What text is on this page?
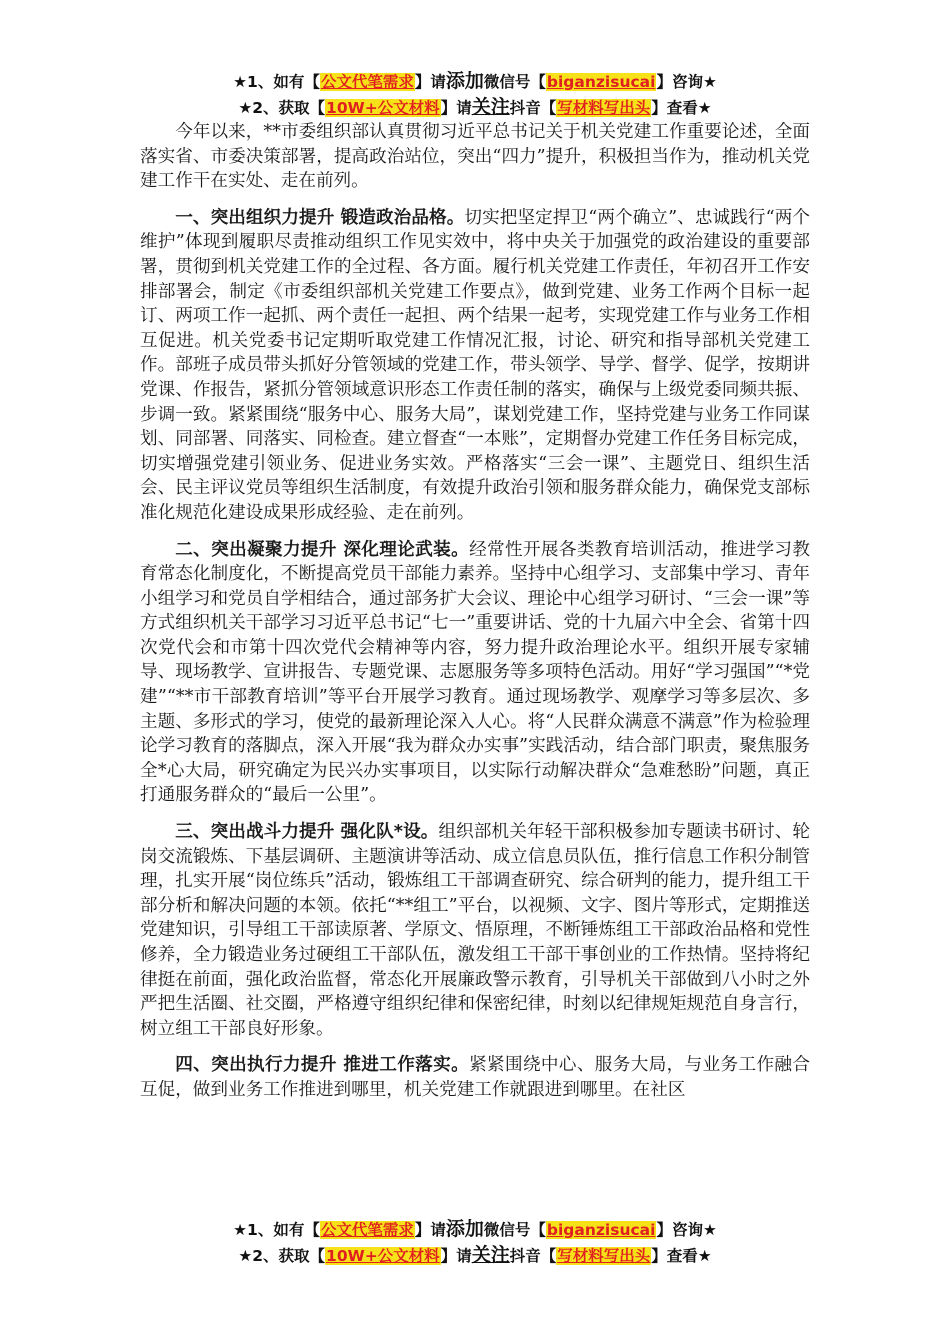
★1、如有【公文代笔需求】请添加微信号【biganzisucai】咨询★
★2、获取【10W+公文材料】请关注抖音【写材料写出头】查看★

今年以来，**市委组织部认真贯彻习近平总书记关于机关党建工作重要论述，全面落实省、市委决策部署，提高政治站位，突出“四力”提升，积极担当作为，推动机关党建工作干在实处、走在前列。

一、突出组织力提升 锻造政治品格。切实把坚定捍卫“两个确立”、忠诚践行“两个维护”体现到履职尽责推动组织工作见实效中，将中央关于加强党的政治建设的重要部署，贯彻到机关党建工作的全过程、各方面。履行机关党建工作责任，年初召开工作安排部署会，制定《市委组织部机关党建工作要点》，做到党建、业务工作两个目标一起订、两项工作一起抓、两个责任一起担、两个结果一起考，实现党建工作与业务工作相互促进。机关党委书记定期听取党建工作情况汇报，讨论、研究和指导部机关党建工作。部班子成员带头抓好分管领域的党建工作，带头领学、导学、督学、促学，按期讲党课、作报告，紧抓分管领域意识形态工作责任制的落实，确保与上级党委同频共振、步调一致。紧紧围绕“服务中心、服务大局”，谋划党建工作，坚持党建与业务工作同谋划、同部署、同落实、同检查。建立督查“一本账”，定期督办党建工作任务目标完成，切实增强党建引领业务、促进业务实效。严格落实“三会一课”、主题党日、组织生活会、民主评议党员等组织生活制度，有效提升政治引领和服务群众能力，确保党支部标准化规范化建设成果形成经验、走在前列。

二、突出凝聚力提升 深化理论武装。经常性开展各类教育培训活动，推进学习教育常态化制度化，不断提高党员干部能力素养。坚持中心组学习、支部集中学习、青年小组学习和党员自学相结合，通过部务扩大会议、理论中心组学习研讨、“三会一课”等方式组织机关干部学习习近平总书记“七一”重要讲话、党的十九届六中全会、省第十四次党代会和市第十四次党代会精神等内容，努力提升政治理论水平。组织开展专家辅导、现场教学、宣讲报告、专题党课、志愿服务等多项特色活动。用好“学习强国”“*党建”“**市干部教育培训”等平台开展学习教育。通过现场教学、观摩学习等多层次、多主题、多形式的学习，使党的最新理论深入人心。将“人民群众满意不满意”作为检验理论学习教育的落脚点，深入开展“我为群众办实事”实践活动，结合部门职责，聚焦服务全*心大局，研究确定为民兴办实事项目，以实际行动解决群众“急难愁盼”问题，真正打通服务群众的“最后一公里”。

三、突出战斗力提升 强化队*设。组织部机关年轻干部积极参加专题读书研讨、轮岗交流锻炼、下基层调研、主题演讲等活动、成立信息员队伍，推行信息工作积分制管理，扎实开展“岗位练兵”活动，锻炼组工干部调查研究、综合研判的能力，提升组工干部分析和解决问题的本领。依托“**组工”平台，以视频、文字、图片等形式，定期推送党建知识，引导组工干部读原著、学原文、悟原理，不断锤炼组工干部政治品格和党性修养，全力锻造业务过硬组工干部队伍，激发组工干部干事创业的工作热情。坚持将纪律挺在前面，强化政治监督，常态化开展廉政警示教育，引导机关干部做到八小时之外严把生活圈、社交圈，严格遵守组织纪律和保密纪律，时刻以纪律规矩规范自身言行，树立组工干部良好形象。

四、突出执行力提升 推进工作落实。紧紧围绕中心、服务大局，与业务工作融合互促，做到业务工作推进到哪里，机关党建工作就跟进到哪里。在社区

★1、如有【公文代笔需求】请添加微信号【biganzisucai】咨询★
★2、获取【10W+公文材料】请关注抖音【写材料写出头】查看★
